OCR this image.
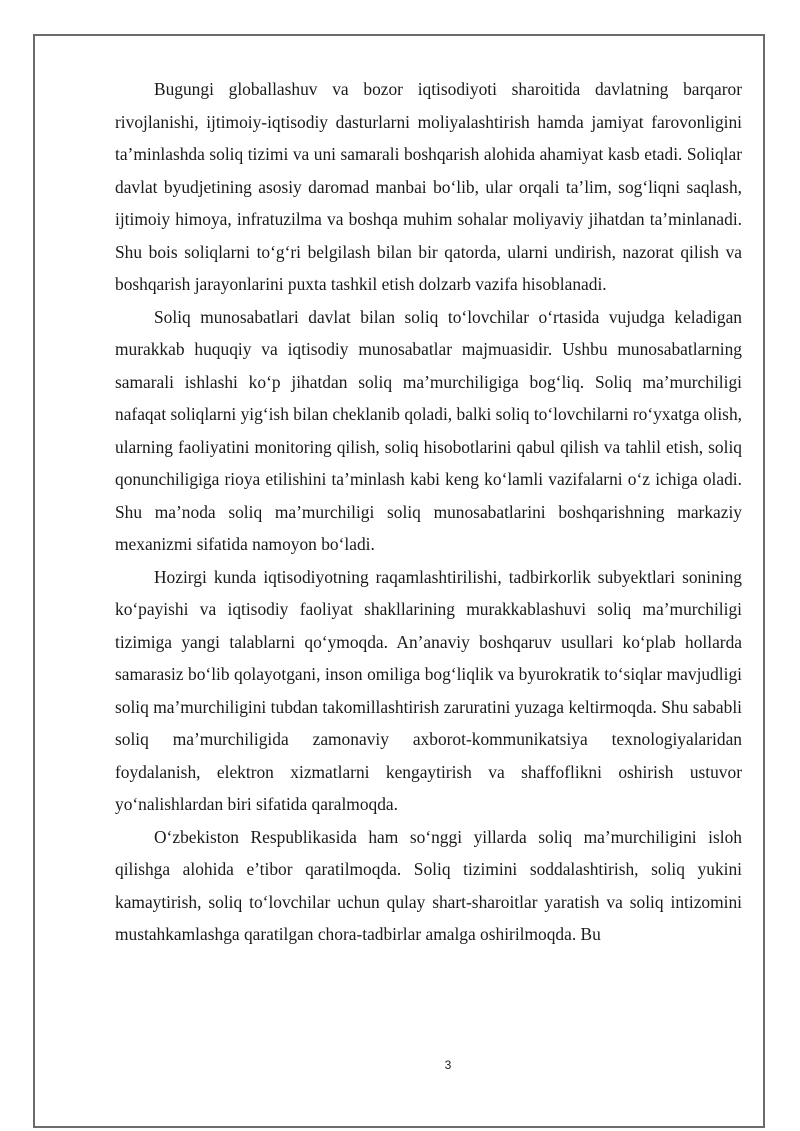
Bugungi globallashuv va bozor iqtisodiyoti sharoitida davlatning barqaror rivojlanishi, ijtimoiy-iqtisodiy dasturlarni moliyalashtirish hamda jamiyat farovonligini ta’minlashda soliq tizimi va uni samarali boshqarish alohida ahamiyat kasb etadi. Soliqlar davlat byudjetining asosiy daromad manbai bo‘lib, ular orqali ta’lim, sog‘liqni saqlash, ijtimoiy himoya, infratuzilma va boshqa muhim sohalar moliyaviy jihatdan ta’minlanadi. Shu bois soliqlarni to‘g‘ri belgilash bilan bir qatorda, ularni undirish, nazorat qilish va boshqarish jarayonlarini puxta tashkil etish dolzarb vazifa hisoblanadi.

Soliq munosabatlari davlat bilan soliq to‘lovchilar o‘rtasida vujudga keladigan murakkab huquqiy va iqtisodiy munosabatlar majmuasidir. Ushbu munosabatlarning samarali ishlashi ko‘p jihatdan soliq ma’murchiligiga bog‘liq. Soliq ma’murchiligi nafaqat soliqlarni yig‘ish bilan cheklanib qoladi, balki soliq to‘lovchilarni ro‘yxatga olish, ularning faoliyatini monitoring qilish, soliq hisobotlarini qabul qilish va tahlil etish, soliq qonunchiligiga rioya etilishini ta’minlash kabi keng ko‘lamli vazifalarni o‘z ichiga oladi. Shu ma’noda soliq ma’murchiligi soliq munosabatlarini boshqarishning markaziy mexanizmi sifatida namoyon bo‘ladi.

Hozirgi kunda iqtisodiyotning raqamlashtirilishi, tadbirkorlik subyektlari sonining ko‘payishi va iqtisodiy faoliyat shakllarining murakkablashuvi soliq ma’murchiligi tizimiga yangi talablarni qo‘ymoqda. An’anaviy boshqaruv usullari ko‘plab hollarda samarasiz bo‘lib qolayotgani, inson omiliga bog‘liqlik va byurokratik to‘siqlar mavjudligi soliq ma’murchiligini tubdan takomillashtirish zaruratini yuzaga keltirmoqda. Shu sababli soliq ma’murchiligida zamonaviy axborot-kommunikatsiya texnologiyalaridan foydalanish, elektron xizmatlarni kengaytirish va shaffoflikni oshirish ustuvor yo‘nalishlardan biri sifatida qaralmoqda.

O‘zbekiston Respublikasida ham so‘nggi yillarda soliq ma’murchiligini isloh qilishga alohida e’tibor qaratilmoqda. Soliq tizimini soddalashtirish, soliq yukini kamaytirish, soliq to‘lovchilar uchun qulay shart-sharoitlar yaratish va soliq intizomini mustahkamlashga qaratilgan chora-tadbirlar amalga oshirilmoqda. Bu

3
